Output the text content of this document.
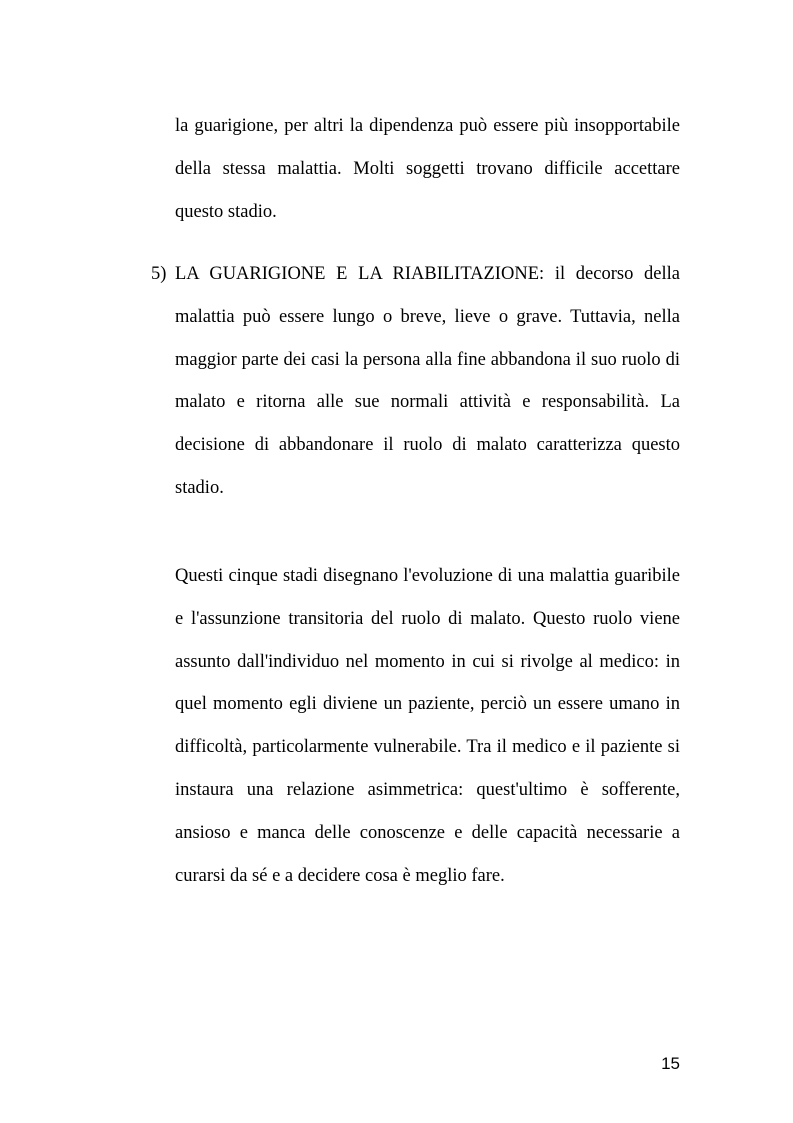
la guarigione, per altri la dipendenza può essere più insopportabile della stessa malattia. Molti soggetti trovano difficile accettare questo stadio.

5) LA GUARIGIONE E LA RIABILITAZIONE: il decorso della malattia può essere lungo o breve, lieve o grave. Tuttavia, nella maggior parte dei casi la persona alla fine abbandona il suo ruolo di malato e ritorna alle sue normali attività e responsabilità. La decisione di abbandonare il ruolo di malato caratterizza questo stadio.

Questi cinque stadi disegnano l'evoluzione di una malattia guaribile e l'assunzione transitoria del ruolo di malato. Questo ruolo viene assunto dall'individuo nel momento in cui si rivolge al medico: in quel momento egli diviene un paziente, perciò un essere umano in difficoltà, particolarmente vulnerabile. Tra il medico e il paziente si instaura una relazione asimmetrica: quest'ultimo è sofferente, ansioso e manca delle conoscenze e delle capacità necessarie a curarsi da sé e a decidere cosa è meglio fare.

15
